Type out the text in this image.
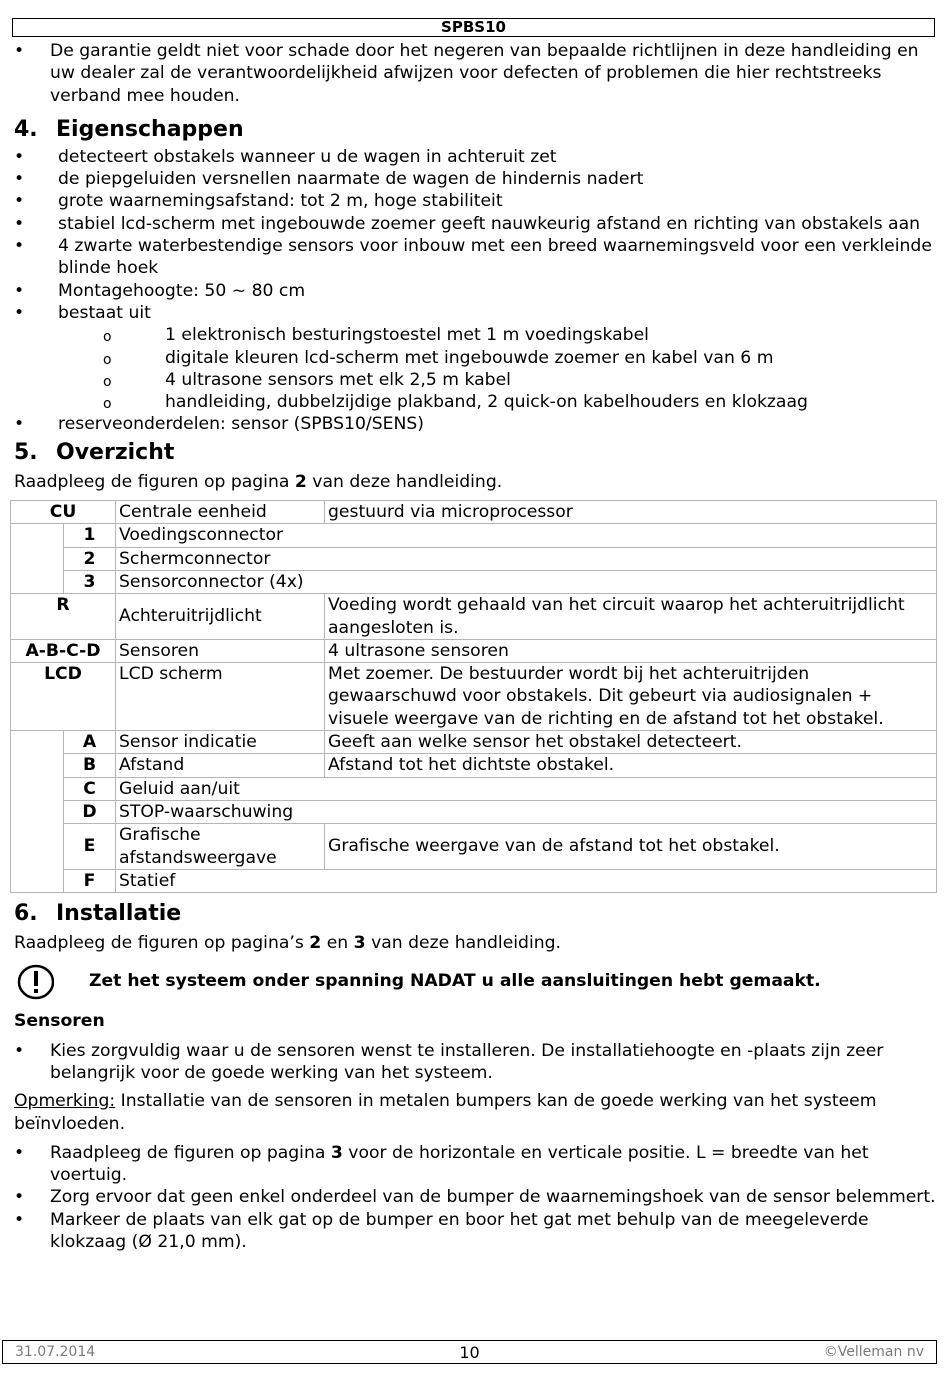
SPBS10
• De garantie geldt niet voor schade door het negeren van bepaalde richtlijnen in deze handleiding en uw dealer zal de verantwoordelijkheid afwijzen voor defecten of problemen die hier rechtstreeks verband mee houden.
4. Eigenschappen
• detecteert obstakels wanneer u de wagen in achteruit zet
• de piepgeluiden versnellen naarmate de wagen de hindernis nadert
• grote waarnemingsafstand: tot 2 m, hoge stabiliteit
• stabiel lcd-scherm met ingebouwde zoemer geeft nauwkeurig afstand en richting van obstakels aan
• 4 zwarte waterbestendige sensors voor inbouw met een breed waarnemingsveld voor een verkleinde blinde hoek
• Montagehoogte: 50 ~ 80 cm
• bestaat uit
o	1 elektronisch besturingstoestel met 1 m voedingskabel
o	digitale kleuren lcd-scherm met ingebouwde zoemer en kabel van 6 m
o	4 ultrasone sensors met elk 2,5 m kabel
o	handleiding, dubbelzijdige plakband, 2 quick-on kabelhouders en klokzaag
• reserveonderdelen: sensor (SPBS10/SENS)
5. Overzicht

Raadpleeg de figuren op pagina 2 van deze handleiding.

CU		Centrale eenheid	gestuurd via microprocessor
	1	Voedingsconnector	
	2	Schermconnector	
	3	Sensorconnector (4x)	
R		Achteruitrijdlicht	Voeding wordt gehaald van het circuit waarop het achteruitrijdlicht aangesloten is.
A-B-C-D		Sensoren	4 ultrasone sensoren
LCD		LCD scherm	Met zoemer. De bestuurder wordt bij het achteruitrijden gewaarschuwd voor obstakels. Dit gebeurt via audiosignalen + visuele weergave van de richting en de afstand tot het obstakel.
	A	Sensor indicatie	Geeft aan welke sensor het obstakel detecteert.
	B	Afstand	Afstand tot het dichtste obstakel.
	C	Geluid aan/uit	
	D	STOP-waarschuwing	
	E	Grafische afstandsweergave	Grafische weergave van de afstand tot het obstakel.
	F	Statief	
6. Installatie

Raadpleeg de figuren op pagina’s 2 en 3 van deze handleiding.

Zet het systeem onder spanning NADAT u alle aansluitingen hebt gemaakt.
Sensoren
• Kies zorgvuldig waar u de sensoren wenst te installeren. De installatiehoogte en -plaats zijn zeer belangrijk voor de goede werking van het systeem.

Opmerking: Installatie van de sensoren in metalen bumpers kan de goede werking van het systeem beïnvloeden.

• Raadpleeg de figuren op pagina 3 voor de horizontale en verticale positie. L = breedte van het voertuig.
• Zorg ervoor dat geen enkel onderdeel van de bumper de waarnemingshoek van de sensor belemmert.
• Markeer de plaats van elk gat op de bumper en boor het gat met behulp van de meegeleverde klokzaag (Ø 21,0 mm).
31.07.2014	10	©Velleman nv
